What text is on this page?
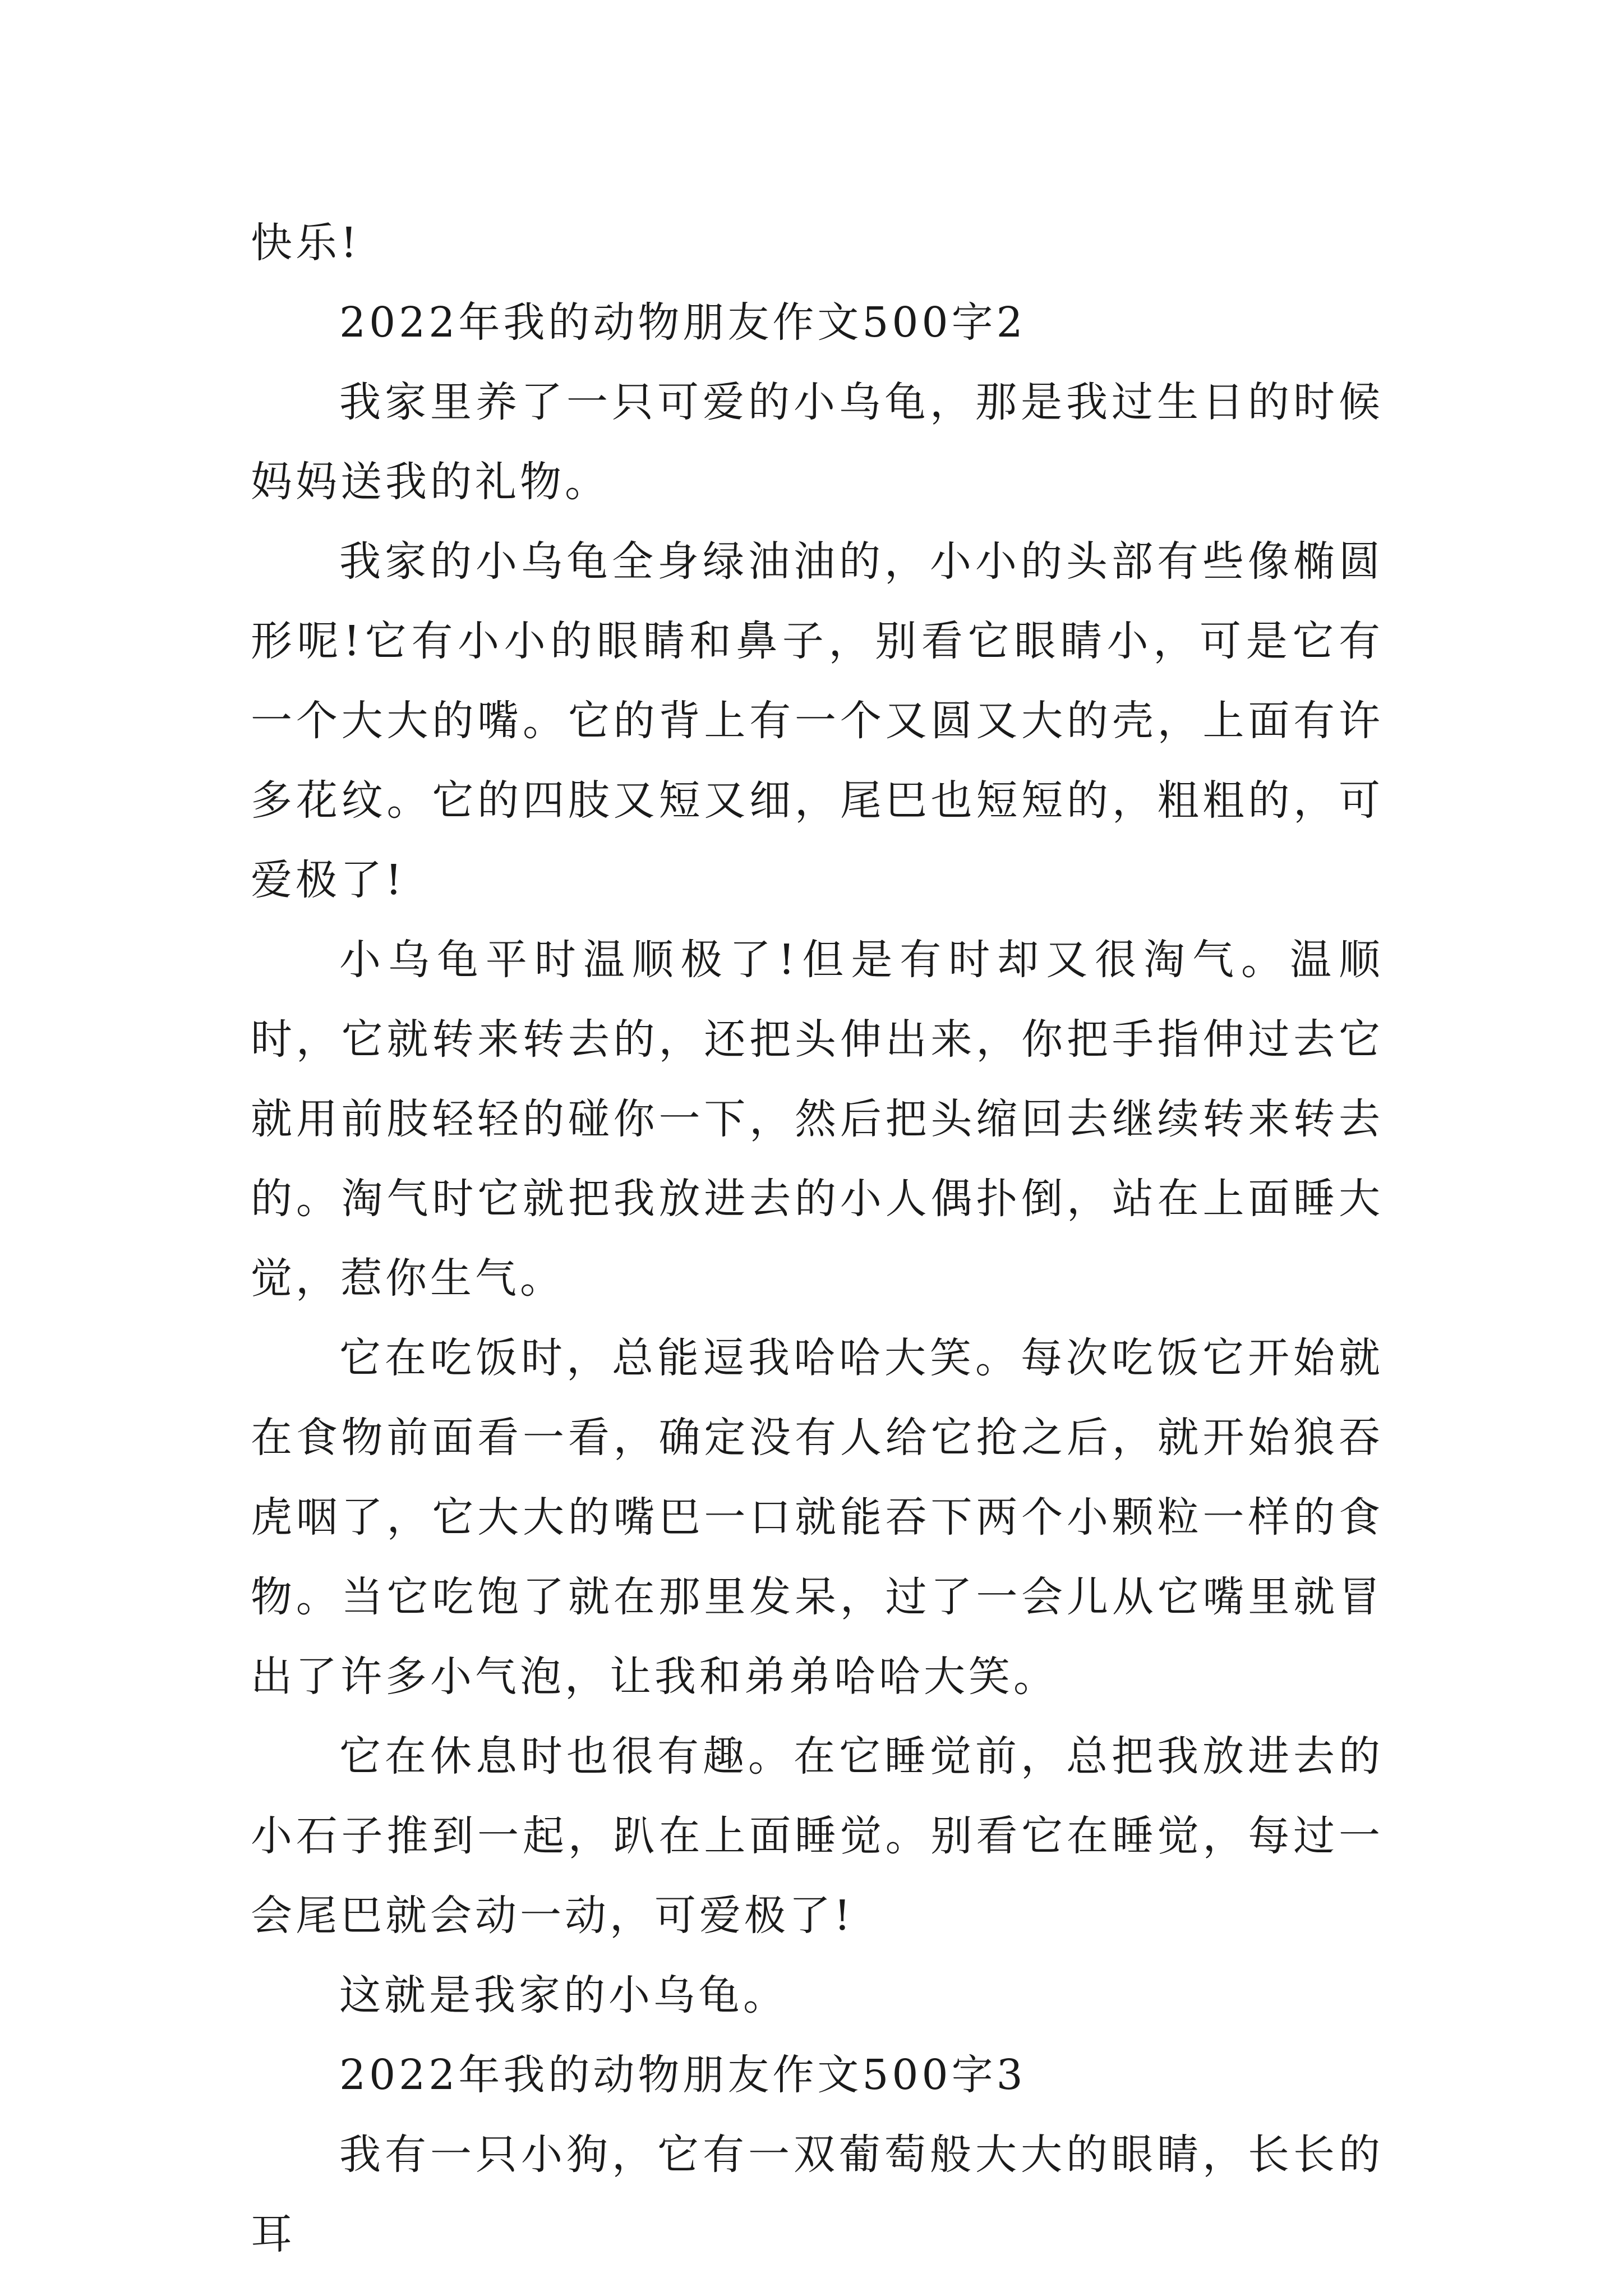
快乐!

2022年我的动物朋友作文500字2

我家里养了一只可爱的小乌龟，那是我过生日的时候妈妈送我的礼物。

我家的小乌龟全身绿油油的，小小的头部有些像椭圆形呢!它有小小的眼睛和鼻子，别看它眼睛小，可是它有一个大大的嘴。它的背上有一个又圆又大的壳，上面有许多花纹。它的四肢又短又细，尾巴也短短的，粗粗的，可爱极了!

小乌龟平时温顺极了!但是有时却又很淘气。温顺时，它就转来转去的，还把头伸出来，你把手指伸过去它就用前肢轻轻的碰你一下，然后把头缩回去继续转来转去的。淘气时它就把我放进去的小人偶扑倒，站在上面睡大觉，惹你生气。

它在吃饭时，总能逗我哈哈大笑。每次吃饭它开始就在食物前面看一看，确定没有人给它抢之后，就开始狼吞虎咽了，它大大的嘴巴一口就能吞下两个小颗粒一样的食物。当它吃饱了就在那里发呆，过了一会儿从它嘴里就冒出了许多小气泡，让我和弟弟哈哈大笑。

它在休息时也很有趣。在它睡觉前，总把我放进去的小石子推到一起，趴在上面睡觉。别看它在睡觉，每过一会尾巴就会动一动，可爱极了!

这就是我家的小乌龟。

2022年我的动物朋友作文500字3

我有一只小狗，它有一双葡萄般大大的眼睛，长长的耳
